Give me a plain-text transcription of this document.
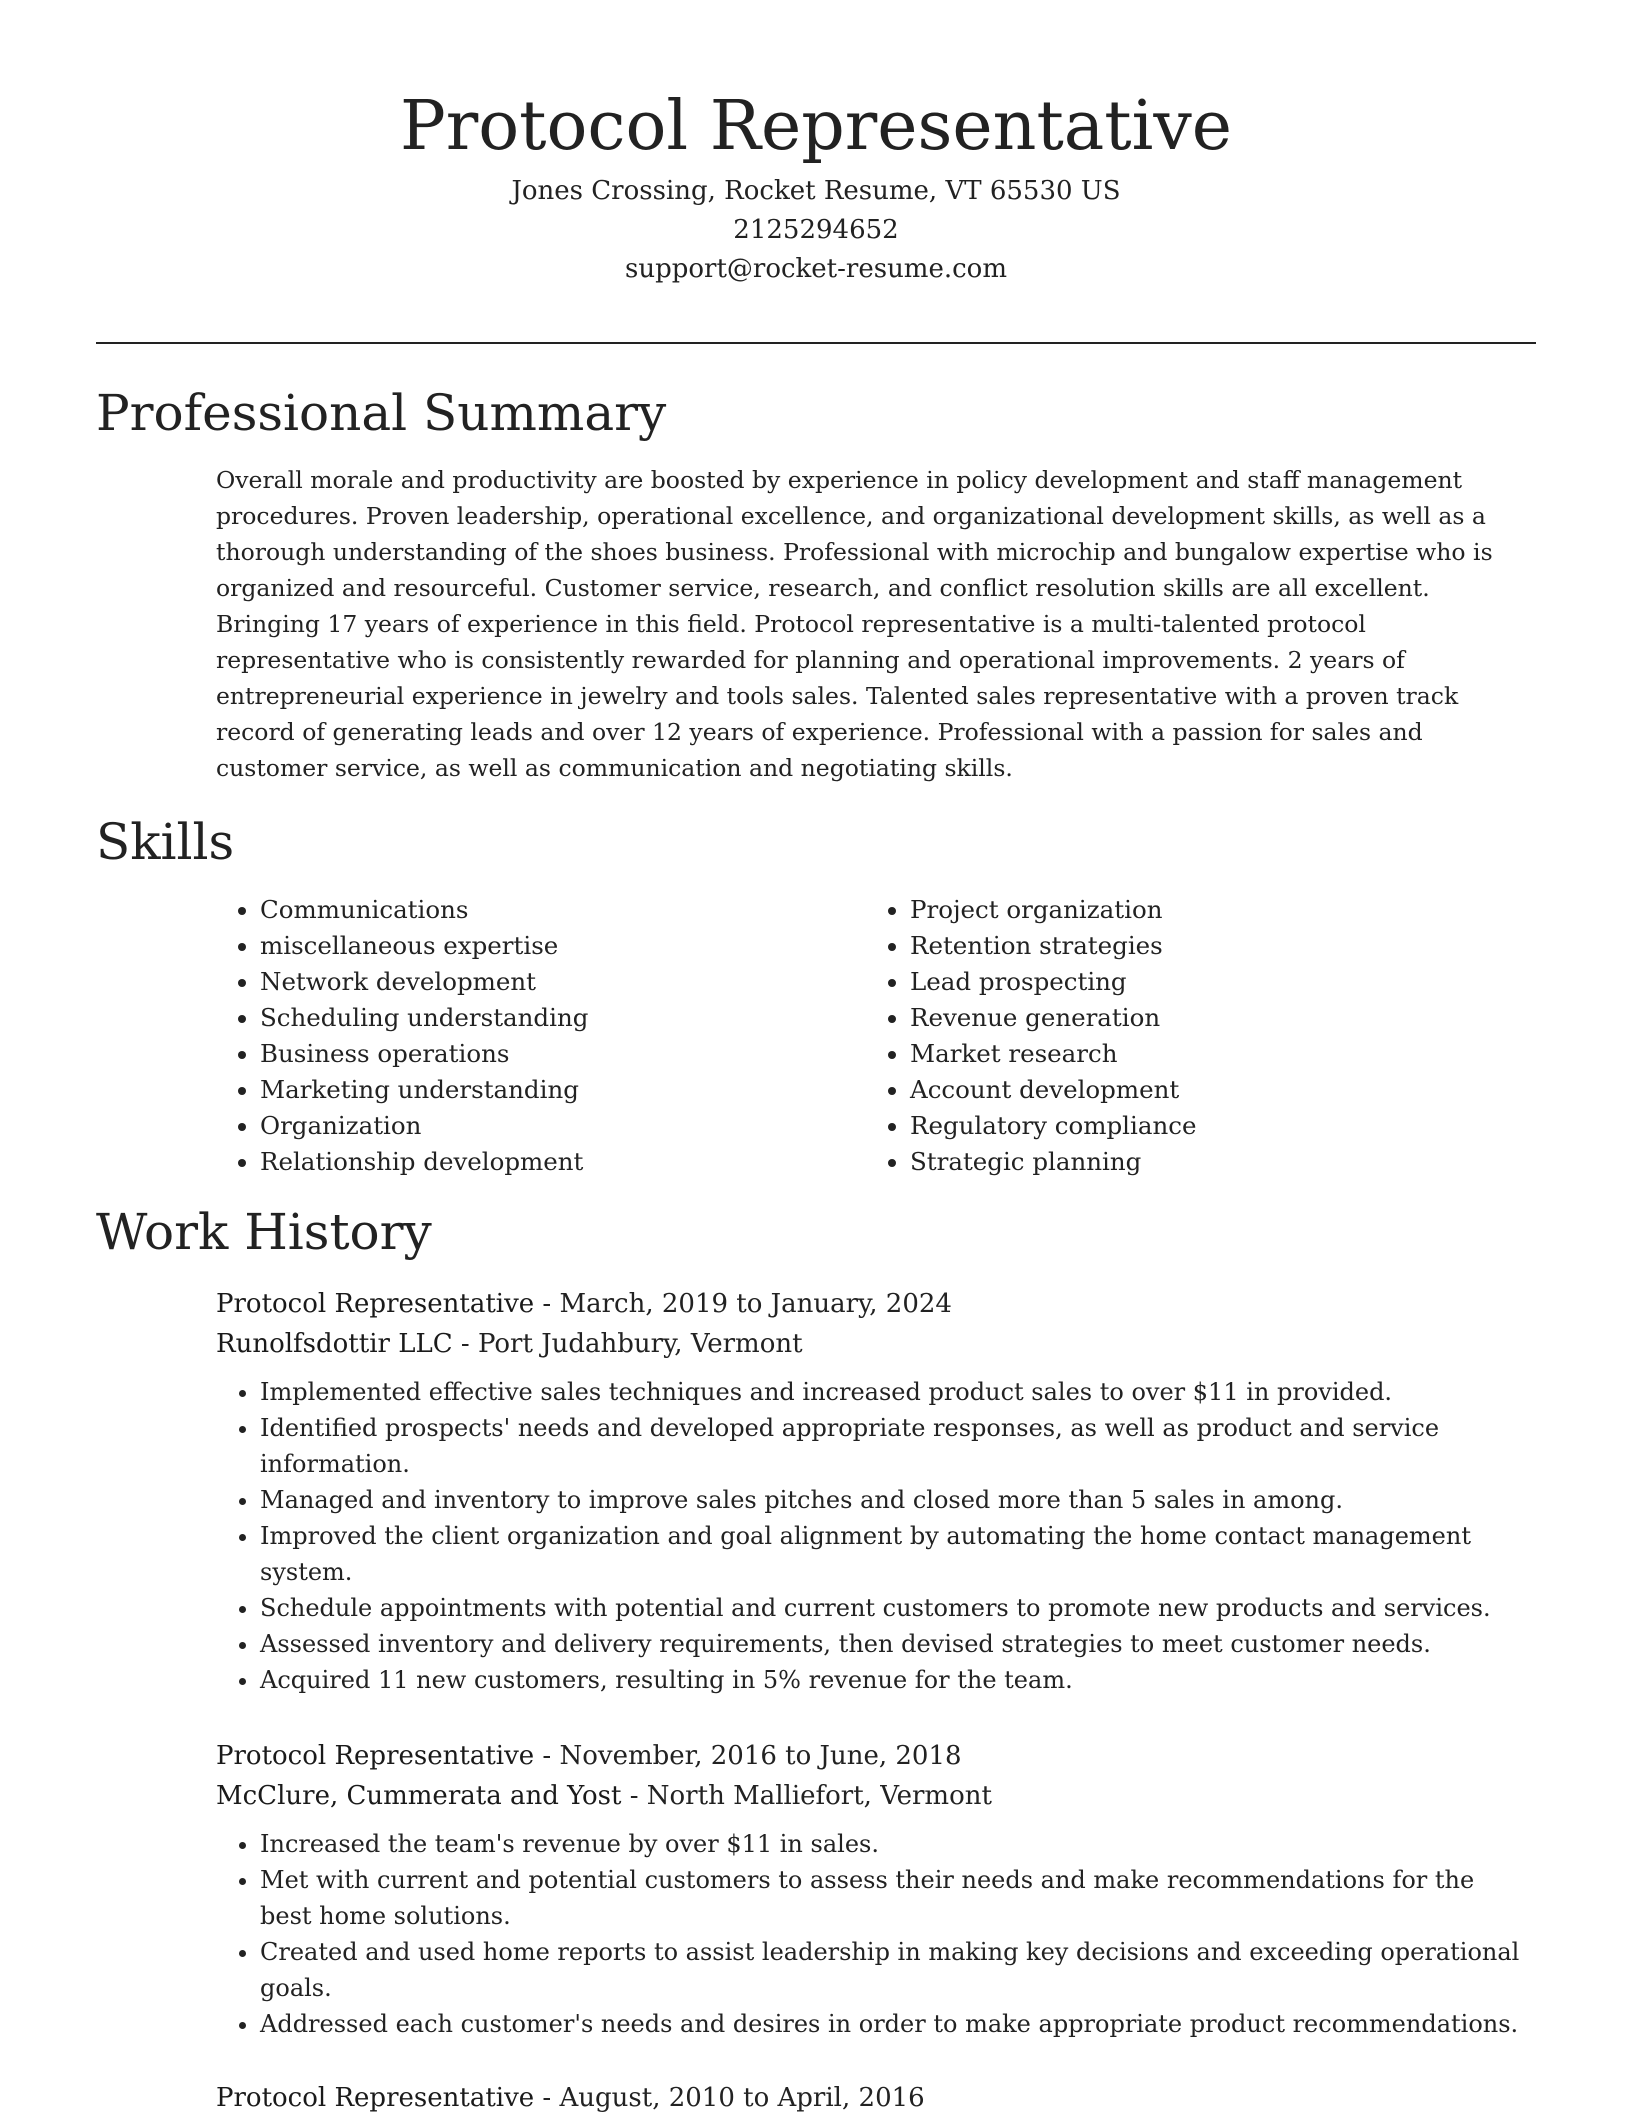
Protocol Representative

Jones Crossing, Rocket Resume, VT 65530 US

2125294652

support@rocket-resume.com

Professional Summary

Overall morale and productivity are boosted by experience in policy development and staff management procedures. Proven leadership, operational excellence, and organizational development skills, as well as a thorough understanding of the shoes business. Professional with microchip and bungalow expertise who is organized and resourceful. Customer service, research, and conflict resolution skills are all excellent. Bringing 17 years of experience in this field. Protocol representative is a multi-talented protocol representative who is consistently rewarded for planning and operational improvements. 2 years of entrepreneurial experience in jewelry and tools sales. Talented sales representative with a proven track record of generating leads and over 12 years of experience. Professional with a passion for sales and customer service, as well as communication and negotiating skills.

Skills
• Communications
• miscellaneous expertise
• Network development
• Scheduling understanding
• Business operations
• Marketing understanding
• Organization
• Relationship development
• Project organization
• Retention strategies
• Lead prospecting
• Revenue generation
• Market research
• Account development
• Regulatory compliance
• Strategic planning
Work History

Protocol Representative - March, 2019 to January, 2024

Runolfsdottir LLC - Port Judahbury, Vermont

• Implemented effective sales techniques and increased product sales to over $11 in provided.
• Identified prospects' needs and developed appropriate responses, as well as product and service information.
• Managed and inventory to improve sales pitches and closed more than 5 sales in among.
• Improved the client organization and goal alignment by automating the home contact management system.
• Schedule appointments with potential and current customers to promote new products and services.
• Assessed inventory and delivery requirements, then devised strategies to meet customer needs.
• Acquired 11 new customers, resulting in 5% revenue for the team.

Protocol Representative - November, 2016 to June, 2018

McClure, Cummerata and Yost - North Malliefort, Vermont

• Increased the team's revenue by over $11 in sales.
• Met with current and potential customers to assess their needs and make recommendations for the best home solutions.
• Created and used home reports to assist leadership in making key decisions and exceeding operational goals.
• Addressed each customer's needs and desires in order to make appropriate product recommendations.

Protocol Representative - August, 2010 to April, 2016
